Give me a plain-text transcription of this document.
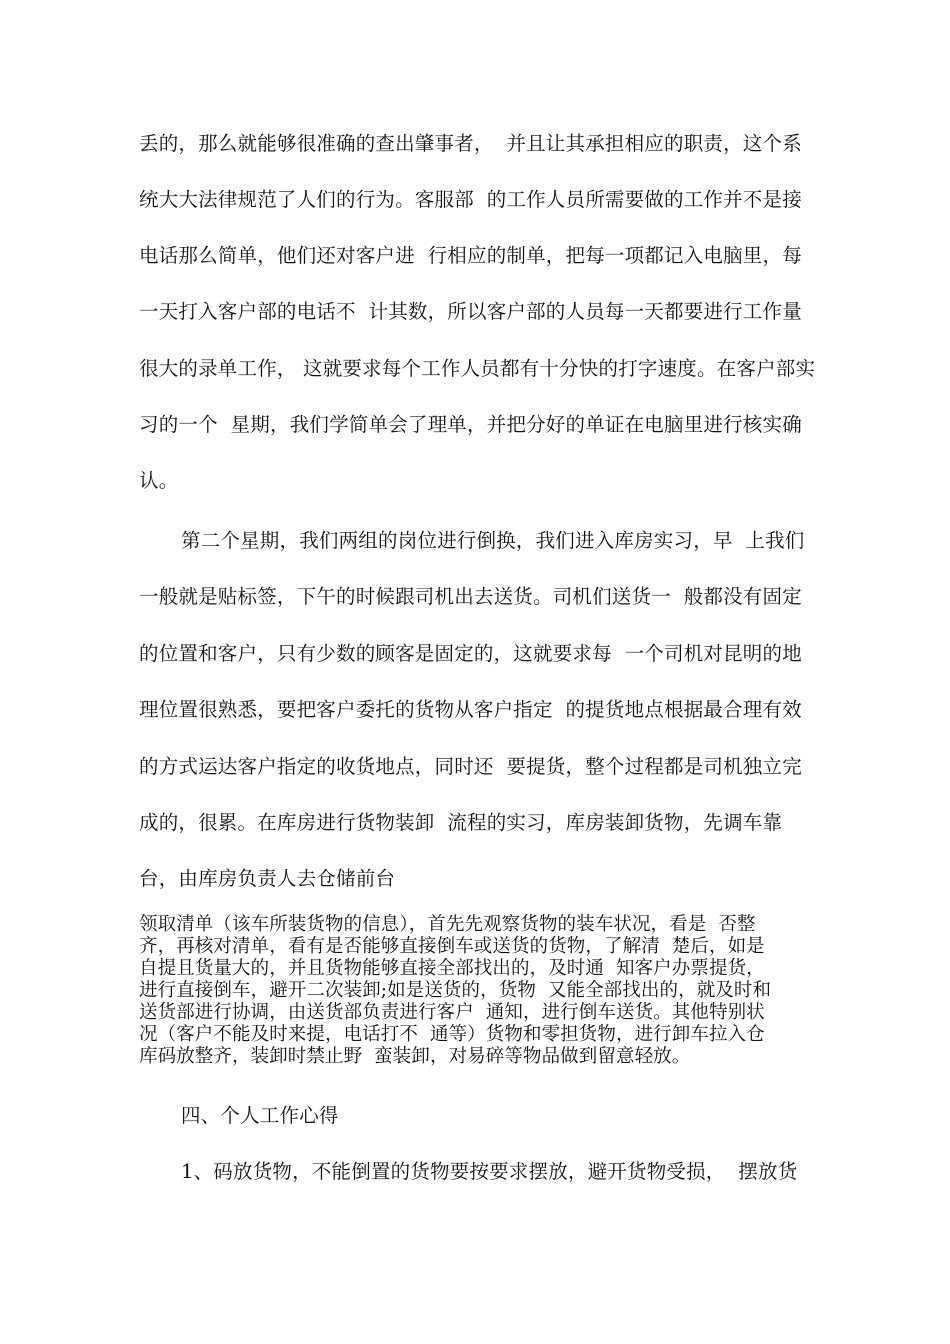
丢的，那么就能够很准确的查出肇事者，  并且让其承担相应的职责，这个系
统大大法律规范了人们的行为。客服部  的工作人员所需要做的工作并不是接
电话那么简单，他们还对客户进  行相应的制单，把每一项都记入电脑里，每
一天打入客户部的电话不  计其数，所以客户部的人员每一天都要进行工作量
很大的录单工作， 这就要求每个工作人员都有十分快的打字速度。在客户部实
习的一个  星期，我们学简单会了理单，并把分好的单证在电脑里进行核实确
认。
第二个星期，我们两组的岗位进行倒换，我们进入库房实习，早  上我们
一般就是贴标签，下午的时候跟司机出去送货。司机们送货一  般都没有固定
的位置和客户，只有少数的顾客是固定的，这就要求每  一个司机对昆明的地
理位置很熟悉，要把客户委托的货物从客户指定  的提货地点根据最合理有效
的方式运达客户指定的收货地点，同时还  要提货，整个过程都是司机独立完
成的，很累。在库房进行货物装卸  流程的实习，库房装卸货物，先调车靠
台，由库房负责人去仓储前台
领取清单（该车所装货物的信息），首先先观察货物的装车状况，看是  否整
齐，再核对清单，看有是否能够直接倒车或送货的货物，了解清  楚后，如是
自提且货量大的，并且货物能够直接全部找出的，及时通  知客户办票提货，
进行直接倒车，避开二次装卸;如是送货的，货物  又能全部找出的，就及时和
送货部进行协调，由送货部负责进行客户  通知，进行倒车送货。其他特别状
况（客户不能及时来提，电话打不  通等）货物和零担货物，进行卸车拉入仓
库码放整齐，装卸时禁止野  蛮装卸，对易碎等物品做到留意轻放。
四、个人工作心得
1、码放货物，不能倒置的货物要按要求摆放，避开货物受损，  摆放货
